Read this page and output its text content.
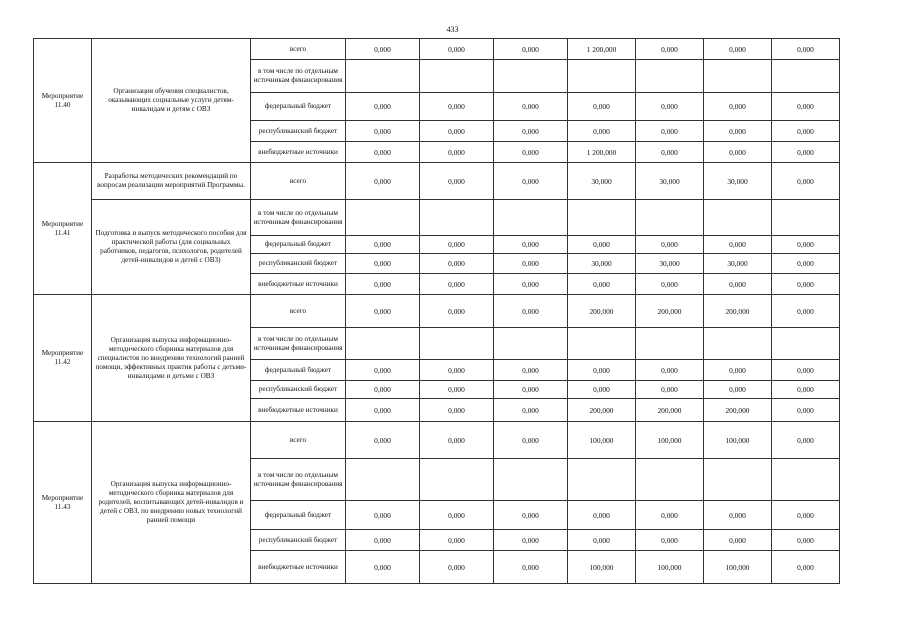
433
Мероприятие 11.40	Организация обучения специалистов, оказывающих социальные услуги детям-инвалидам и детям с ОВЗ	всего	0,000	0,000	0,000	1 200,000	0,000	0,000	0,000
		в том числе по отдельным источникам финансирования							
		федеральный бюджет	0,000	0,000	0,000	0,000	0,000	0,000	0,000
		республиканский бюджет	0,000	0,000	0,000	0,000	0,000	0,000	0,000
		внебюджетные источники	0,000	0,000	0,000	1 200,000	0,000	0,000	0,000
Мероприятие 11.41	Разработка методических рекомендаций по вопросам реализации мероприятий Программы.	всего	0,000	0,000	0,000	30,000	30,000	30,000	0,000
	Подготовка и выпуск методического пособия для практической работы (для социальных работников, педагогов, психологов, родителей детей-инвалидов и детей с ОВЗ)	в том числе по отдельным источникам финансирования							
		федеральный бюджет	0,000	0,000	0,000	0,000	0,000	0,000	0,000
		республиканский бюджет	0,000	0,000	0,000	30,000	30,000	30,000	0,000
		внебюджетные источники	0,000	0,000	0,000	0,000	0,000	0,000	0,000
Мероприятие 11.42	Организация выпуска информационно-методического сборника материалов для специалистов по внедрению технологий ранней помощи, эффективных практик работы с детьми-инвалидами и детьми с ОВЗ	всего	0,000	0,000	0,000	200,000	200,000	200,000	0,000
		в том числе по отдельным источникам финансирования							
		федеральный бюджет	0,000	0,000	0,000	0,000	0,000	0,000	0,000
		республиканский бюджет	0,000	0,000	0,000	0,000	0,000	0,000	0,000
		внебюджетные источники	0,000	0,000	0,000	200,000	200,000	200,000	0,000
Мероприятие 11.43	Организация выпуска информационно-методического сборника материалов для родителей, воспитывающих детей-инвалидов и детей с ОВЗ, по внедрению новых технологий ранней помощи	всего	0,000	0,000	0,000	100,000	100,000	100,000	0,000
		в том числе по отдельным источникам финансирования							
		федеральный бюджет	0,000	0,000	0,000	0,000	0,000	0,000	0,000
		республиканский бюджет	0,000	0,000	0,000	0,000	0,000	0,000	0,000
		внебюджетные источники	0,000	0,000	0,000	100,000	100,000	100,000	0,000
